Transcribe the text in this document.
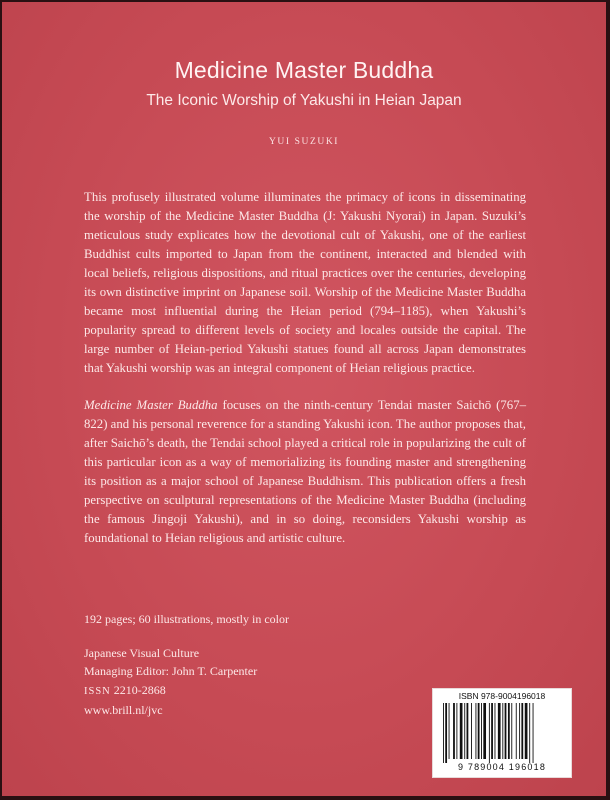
Medicine Master Buddha
The Iconic Worship of Yakushi in Heian Japan
YUI SUZUKI

This profusely illustrated volume illuminates the primacy of icons in disseminating the worship of the Medicine Master Buddha (J: Yakushi Nyorai) in Japan. Suzuki’s meticulous study explicates how the devotional cult of Yakushi, one of the earliest Buddhist cults imported to Japan from the continent, interacted and blended with local beliefs, religious dispositions, and ritual practices over the centuries, developing its own distinctive imprint on Japanese soil. Worship of the Medicine Master Buddha became most influential during the Heian period (794–1185), when Yakushi’s popularity spread to different levels of society and locales outside the capital. The large number of Heian-period Yakushi statues found all across Japan demonstrates that Yakushi worship was an integral component of Heian religious practice.

Medicine Master Buddha focuses on the ninth-century Tendai master Saichō (767–822) and his personal reverence for a standing Yakushi icon. The author proposes that, after Saichō’s death, the Tendai school played a critical role in popularizing the cult of this particular icon as a way of memorializing its founding master and strengthening its position as a major school of Japanese Buddhism. This publication offers a fresh perspective on sculptural representations of the Medicine Master Buddha (including the famous Jingoji Yakushi), and in so doing, reconsiders Yakushi worship as foundational to Heian religious and artistic culture.

192 pages; 60 illustrations, mostly in color
Japanese Visual Culture
Managing Editor: John T. Carpenter
ISSN 2210-2868
www.brill.nl/jvc
ISBN 978-9004196018
9 789004 196018
